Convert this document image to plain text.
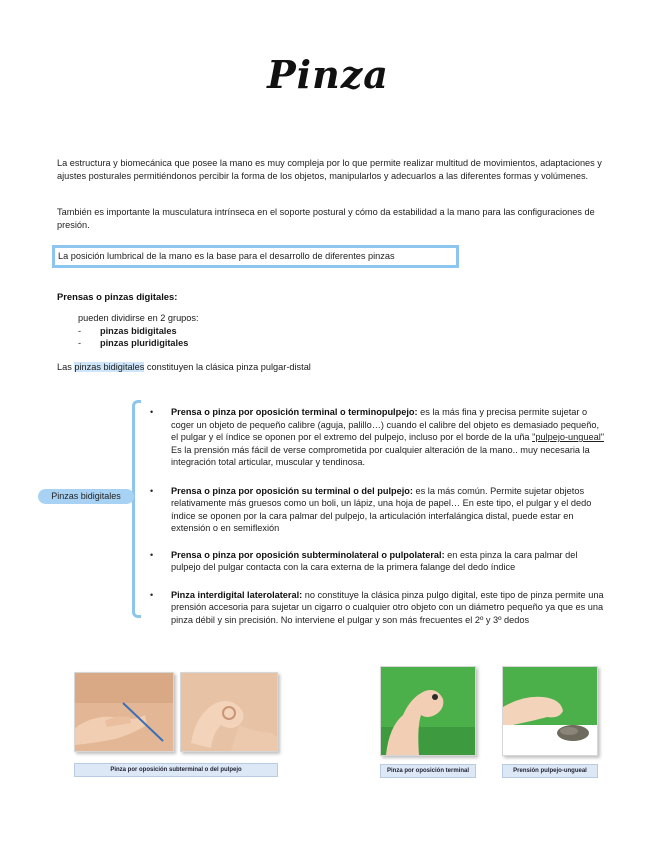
Pinza

La estructura y biomecánica que posee la mano es muy compleja por lo que permite realizar multitud de movimientos, adaptaciones y ajustes posturales permitiéndonos percibir la forma de los objetos, manipularlos y adecuarlos a las diferentes formas y volúmenes.

También es importante la musculatura intrínseca en el soporte postural y cómo da estabilidad a la mano para las configuraciones de presión.

La posición lumbrical de la mano es la base para el desarrollo de diferentes pinzas
Prensas o pinzas digitales:
pueden dividirse en 2 grupos:
-	pinzas bidigitales
-	pinzas pluridigitales
Las pinzas bidigitales constituyen la clásica pinza pulgar-distal
Pinzas bidigitales
•	Prensa o pinza por oposición terminal o terminopulpejo: es la más fina y precisa permite sujetar o coger un objeto de pequeño calibre (aguja, palillo…) cuando el calibre del objeto es demasiado pequeño, el pulgar y el índice se oponen por el extremo del pulpejo, incluso por el borde de la uña "pulpejo-ungueal" Es la prensión más fácil de verse comprometida por cualquier alteración de la mano.. muy necesaria la integración total articular, muscular y tendinosa.
•	Prensa o pinza por oposición su terminal o del pulpejo: es la más común. Permite sujetar objetos relativamente más gruesos como un boli, un lápiz, una hoja de papel… En este tipo, el pulgar y el dedo índice se oponen por la cara palmar del pulpejo, la articulación interfalángica distal, puede estar en extensión o en semiflexión
•	Prensa o pinza por oposición subterminolateral o pulpolateral: en esta pinza la cara palmar del pulpejo del pulgar contacta con la cara externa de la primera falange del dedo índice
•	Pinza interdigital laterolateral: no constituye la clásica pinza pulgo digital, este tipo de pinza permite una prensión accesoria para sujetar un cigarro o cualquier otro objeto con un diámetro pequeño ya que es una pinza débil y sin precisión. No interviene el pulgar y son más frecuentes el 2º y 3º dedos
Pinza por oposición subterminal o del pulpejo	Pinza por oposición terminal	Prensión pulpejo-ungueal
